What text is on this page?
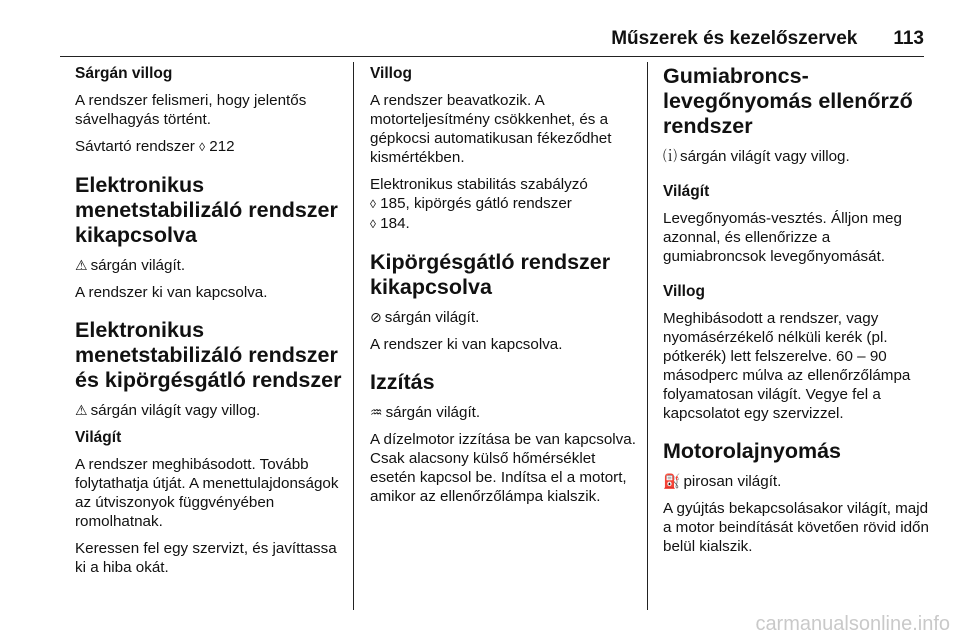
Műszerek és kezelőszervek 113
Sárgán villog

A rendszer felismeri, hogy jelentős sávelhagyás történt.

Sávtartó rendszer ◊ 212

Elektronikus menetstabilizáló rendszer kikapcsolva

⚠ sárgán világít.

A rendszer ki van kapcsolva.

Elektronikus menetstabilizáló rendszer és kipörgésgátló rendszer

⚠ sárgán világít vagy villog.

Világít

A rendszer meghibásodott. Tovább folytathatja útját. A menettulajdonságok az útviszonyok függvényében romolhatnak.

Keressen fel egy szervizt, és javíttassa ki a hiba okát.

Villog

A rendszer beavatkozik. A motorteljesítmény csökkenhet, és a gépkocsi automatikusan fékeződhet kismértékben.

Elektronikus stabilitás szabályzó
◊ 185, kipörgés gátló rendszer
◊ 184.

Kipörgésgátló rendszer kikapcsolva

⊘ sárgán világít.

A rendszer ki van kapcsolva.

Izzítás

♒ sárgán világít.

A dízelmotor izzítása be van kapcsolva. Csak alacsony külső hőmérséklet esetén kapcsol be. Indítsa el a motort, amikor az ellenőrzőlámpa kialszik.

Gumiabroncs-levegőnyomás ellenőrző rendszer

⒤ sárgán világít vagy villog.

Világít

Levegőnyomás-vesztés. Álljon meg azonnal, és ellenőrizze a gumiabroncsok levegőnyomását.

Villog

Meghibásodott a rendszer, vagy nyomásérzékelő nélküli kerék (pl. pótkerék) lett felszerelve. 60 – 90 másodperc múlva az ellenőrzőlámpa folyamatosan világít. Vegye fel a kapcsolatot egy szervizzel.

Motorolajnyomás

⛽ pirosan világít.

A gyújtás bekapcsolásakor világít, majd a motor beindítását követően rövid időn belül kialszik.

carmanualsonline.info
